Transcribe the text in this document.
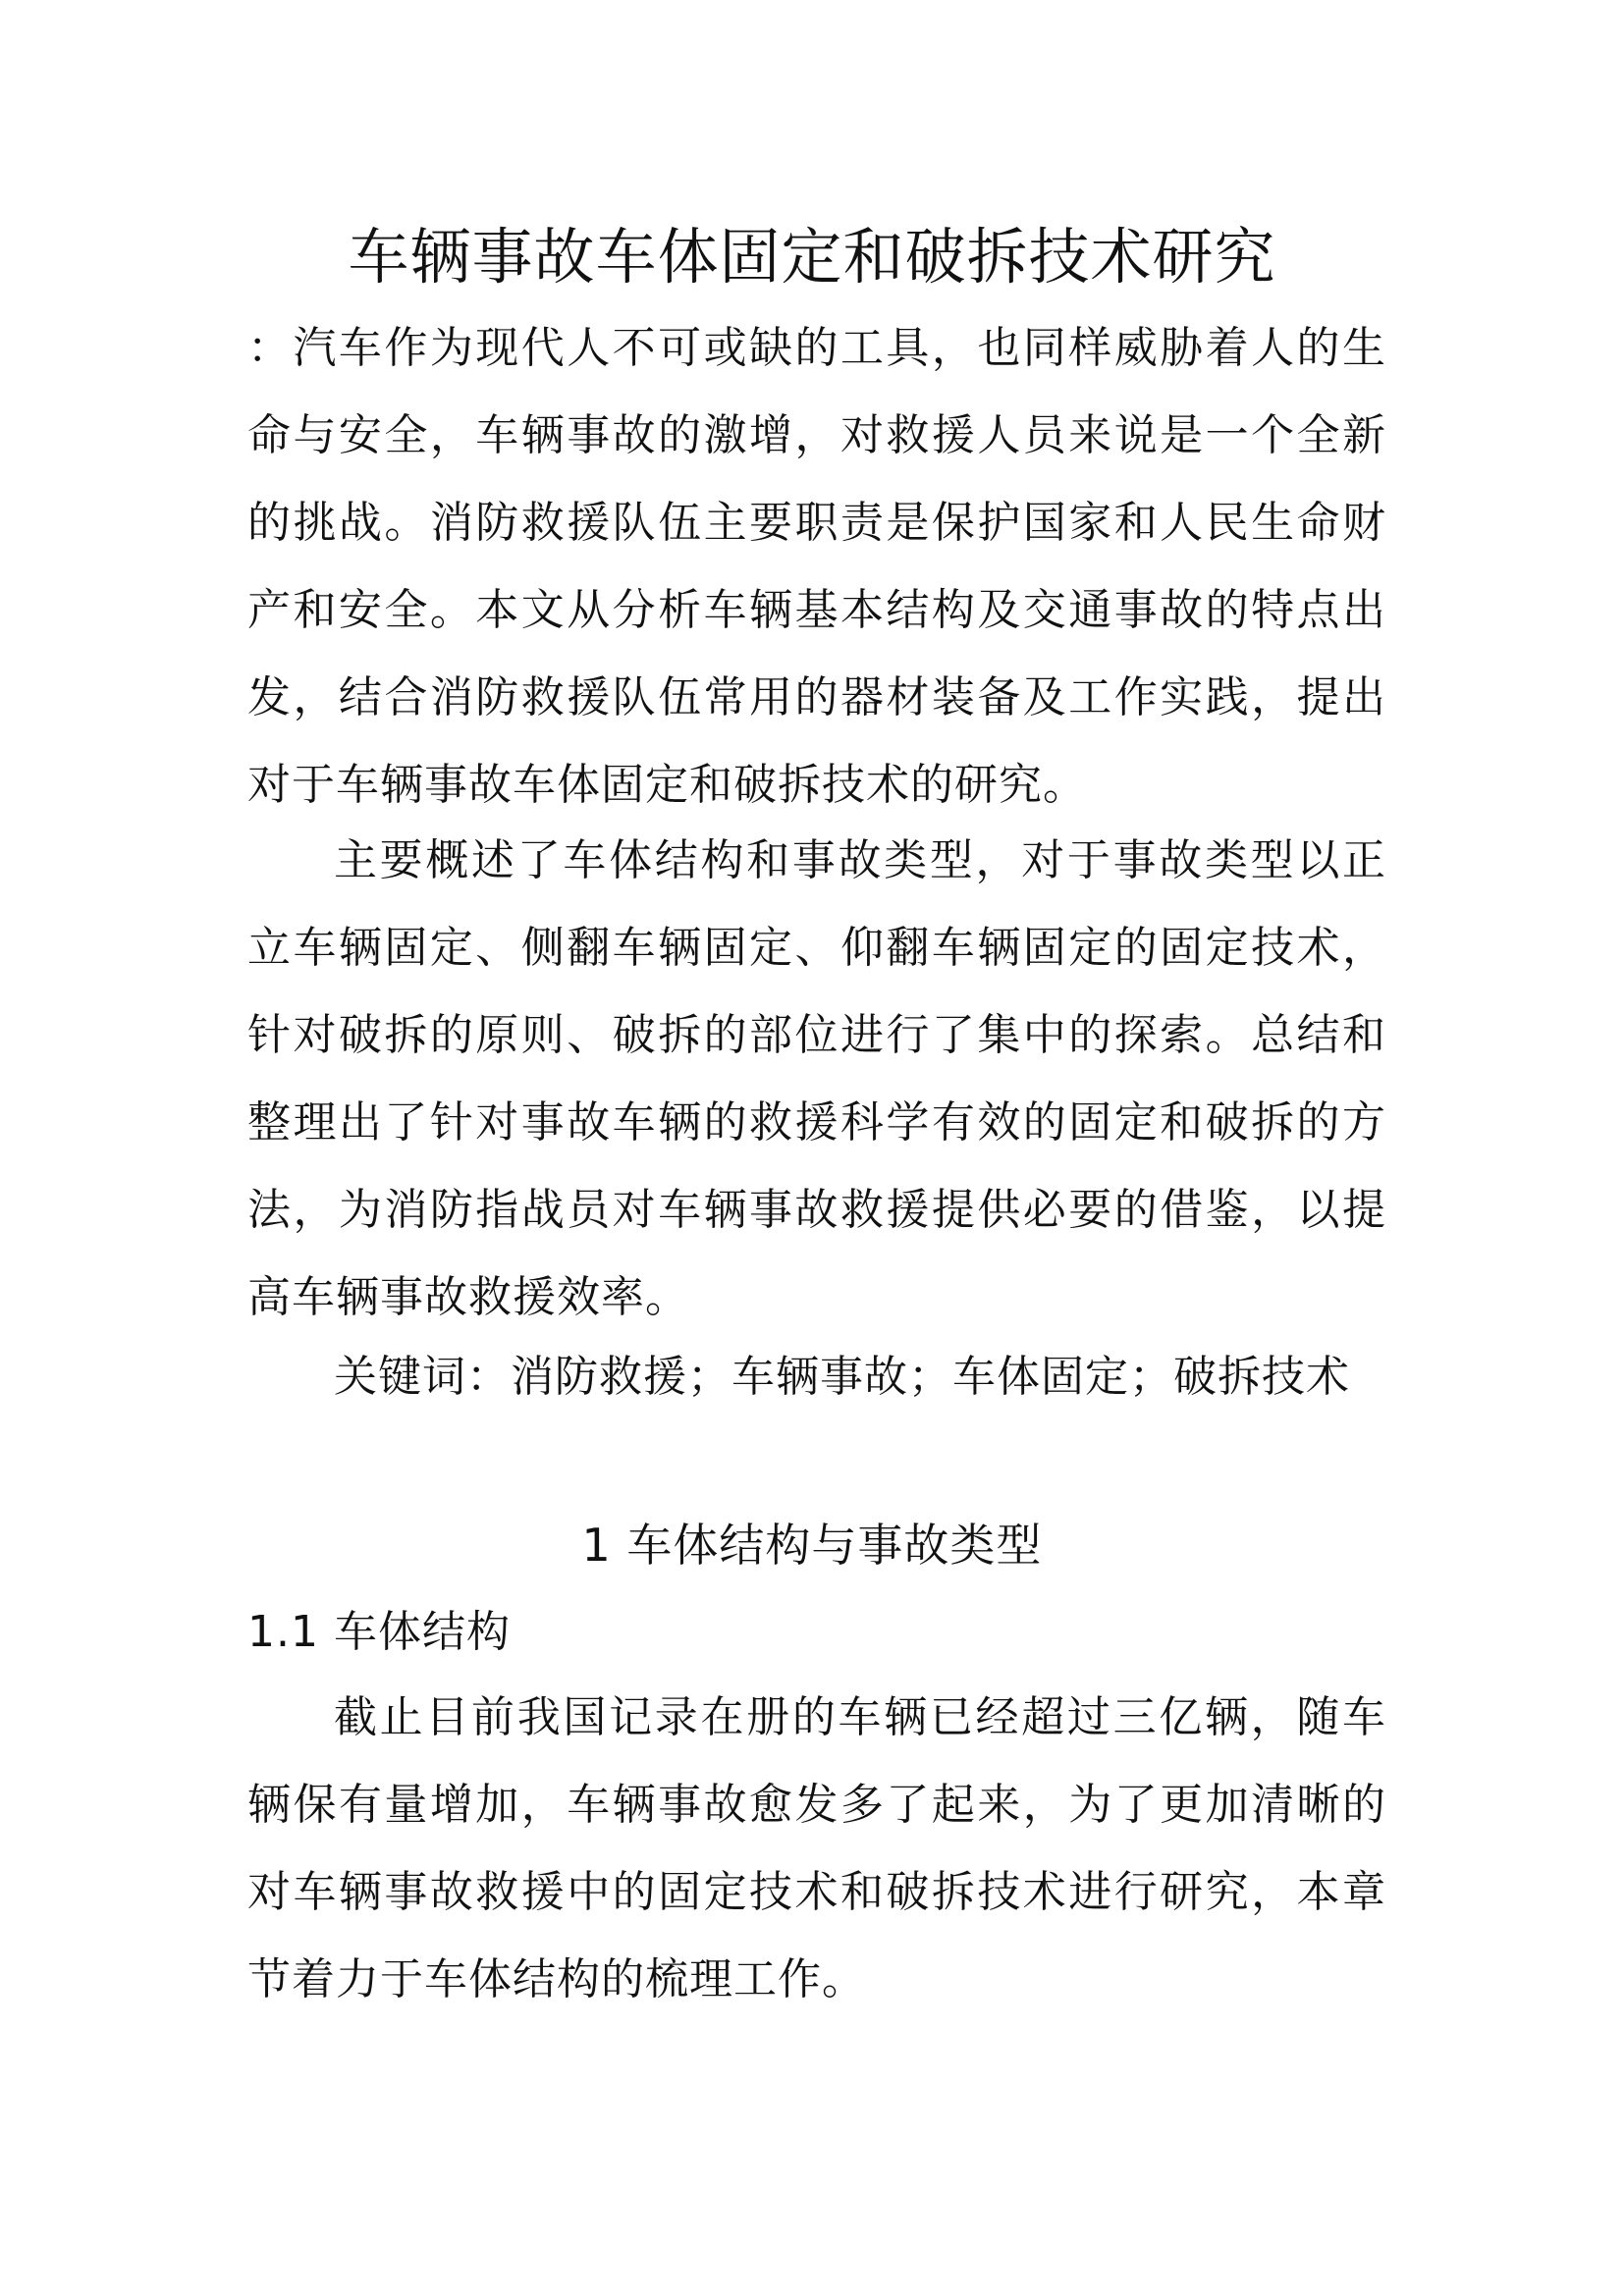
车辆事故车体固定和破拆技术研究

：汽车作为现代人不可或缺的工具，也同样威胁着人的生命与安全，车辆事故的激增，对救援人员来说是一个全新的挑战。消防救援队伍主要职责是保护国家和人民生命财产和安全。本文从分析车辆基本结构及交通事故的特点出发，结合消防救援队伍常用的器材装备及工作实践，提出对于车辆事故车体固定和破拆技术的研究。

主要概述了车体结构和事故类型，对于事故类型以正立车辆固定、侧翻车辆固定、仰翻车辆固定的固定技术，针对破拆的原则、破拆的部位进行了集中的探索。总结和整理出了针对事故车辆的救援科学有效的固定和破拆的方法，为消防指战员对车辆事故救援提供必要的借鉴，以提高车辆事故救援效率。

关键词：消防救援；车辆事故；车体固定；破拆技术

1 车体结构与事故类型
1.1 车体结构

截止目前我国记录在册的车辆已经超过三亿辆，随车辆保有量增加，车辆事故愈发多了起来，为了更加清晰的对车辆事故救援中的固定技术和破拆技术进行研究，本章节着力于车体结构的梳理工作。
